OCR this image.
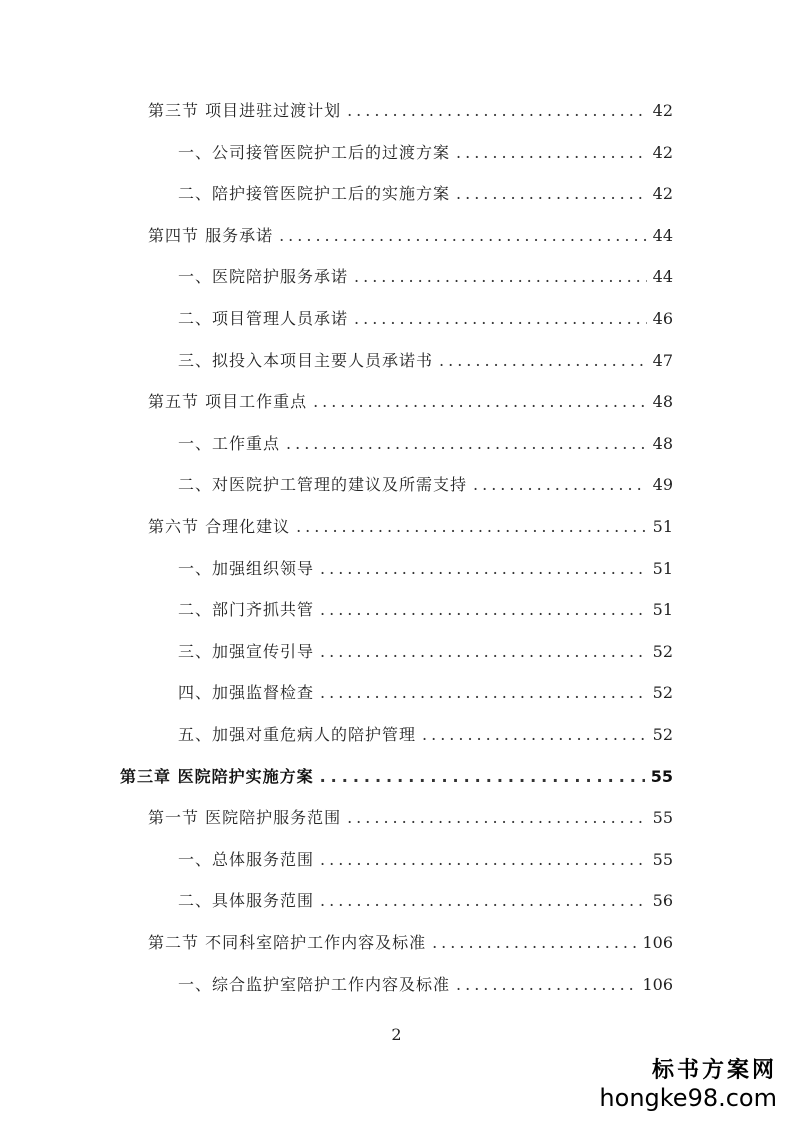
第三节 项目进驻过渡计划 .....	42
一、公司接管医院护工后的过渡方案 .....	42
二、陪护接管医院护工后的实施方案 .....	42
第四节 服务承诺 .....	44
一、医院陪护服务承诺 .....	44
二、项目管理人员承诺 .....	46
三、拟投入本项目主要人员承诺书 .....	47
第五节 项目工作重点 .....	48
一、工作重点 .....	48
二、对医院护工管理的建议及所需支持 .....	49
第六节 合理化建议 .....	51
一、加强组织领导 .....	51
二、部门齐抓共管 .....	51
三、加强宣传引导 .....	52
四、加强监督检查 .....	52
五、加强对重危病人的陪护管理 .....	52
第三章 医院陪护实施方案 .....	55
第一节 医院陪护服务范围 .....	55
一、总体服务范围 .....	55
二、具体服务范围 .....	56
第二节 不同科室陪护工作内容及标准 .....	106
一、综合监护室陪护工作内容及标准 .....	106
2
标书方案网
hongke98.com
